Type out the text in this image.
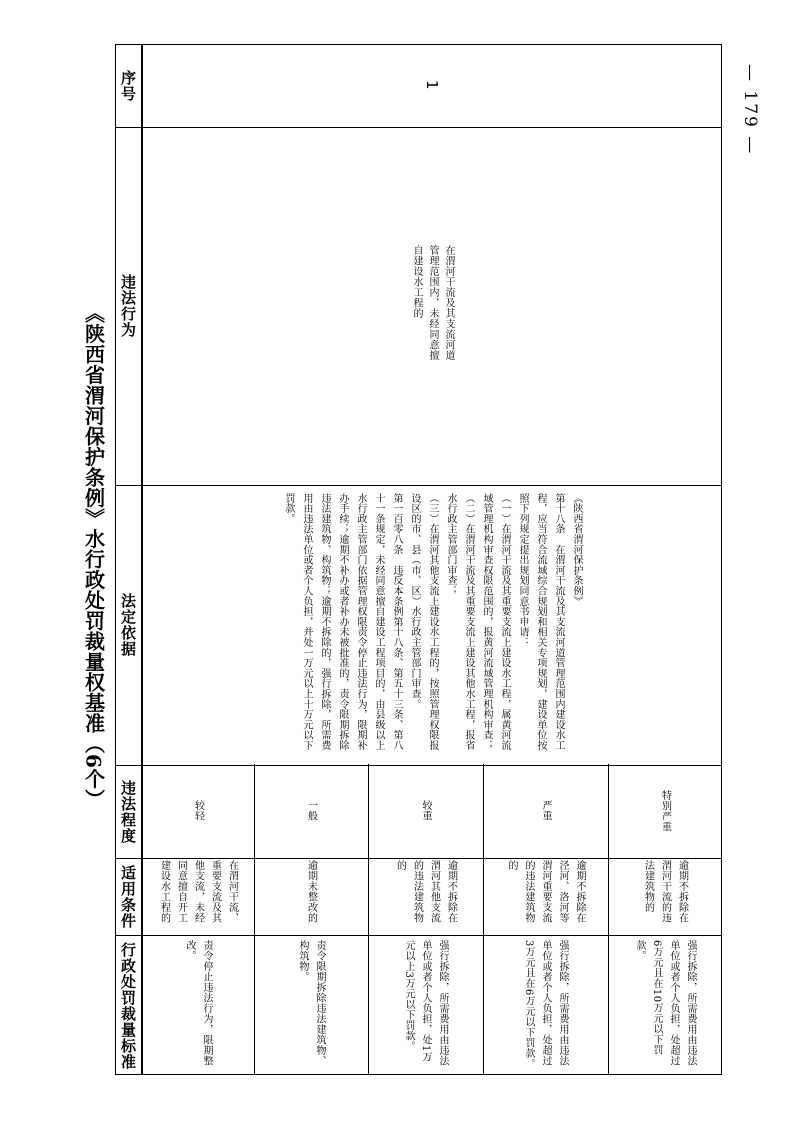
— 179 —
《陕西省渭河保护条例》水行政处罚裁量权基准（6个）
序号
违法行为
法定依据
违法程度
适用条件
行政处罚裁量标准
1
在渭河干流及其支流河道管理范围内，未经同意擅自建设水工程的
《陕西省渭河保护条例》
第十八条　在渭河干流及其支流河道管理范围内建设水工程，应当符合流域综合规划和相关专项规划，建设单位按照下列规定提出规划同意书申请：
（一）在渭河干流及其重要支流上建设水工程，属黄河流域管理机构审查权限范围的，报黄河流域管理机构审查；
（二）在渭河干流及其重要支流上建设其他水工程，报省水行政主管部门审查；
（三）在渭河其他支流上建设水工程的，按照管理权限报设区的市、县（市、区）水行政主管部门审查。
第一百零八条　违反本条例第十八条、第五十三条、第八十一条规定，未经同意擅自建设工程项目的，由县级以上水行政主管部门依据管理权限责令停止违法行为，限期补办手续；逾期不补办或者补办未被批准的，责令限期拆除违法建筑物、构筑物；逾期不拆除的，强行拆除，所需费用由违法单位或者个人负担，并处一万元以上十万元以下罚款。
较轻
在渭河干流、重要支流及其他支流，未经同意擅自开工建设水工程的
责令停止违法行为，限期整改。
一般
逾期未整改的
责令限期拆除违法建筑物、构筑物。
较重
逾期不拆除在渭河其他支流的违法建筑物的
强行拆除，所需费用由违法单位或者个人负担，处1万元以上3万元以下罚款。
严重
逾期不拆除在泾河、洛河等渭河重要支流的违法建筑物的
强行拆除，所需费用由违法单位或者个人负担，处超过3万元且在6万元以下罚款。
特别严重
逾期不拆除在渭河干流的违法建筑物的
强行拆除，所需费用由违法单位或者个人负担，处超过6万元且在10万元以下罚款。
